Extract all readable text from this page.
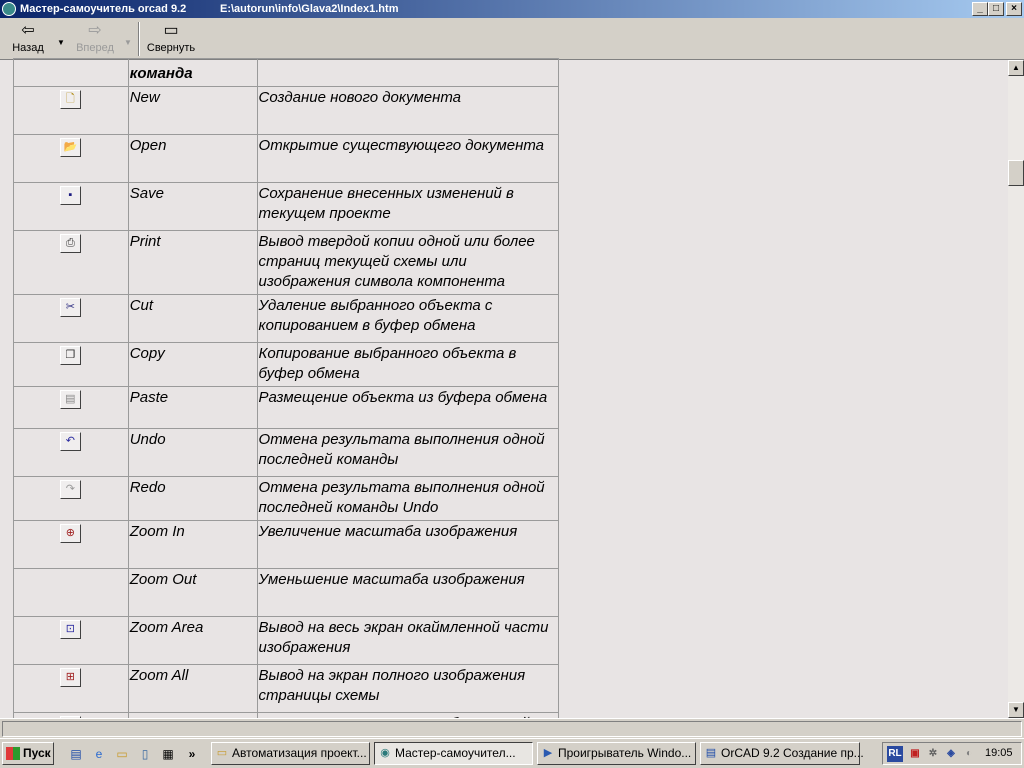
Мастер-самоучитель orcad 9.2	E:\autorun\info\Glava2\Index1.htm	_	□	×
⇦
Назад	▼
⇨
Вперед	▼
▭
Свернуть
	команда	
🗋	New	Создание нового документа
📂	Open	Открытие существующего документа
▪	Save	Сохранение внесенных изменений в текущем проекте
⎙	Print	Вывод твердой копии одной или более страниц текущей схемы или изображения символа компонента
✂	Cut	Удаление выбранного объекта с копированием в буфер обмена
❐	Copy	Копирование выбранного объекта в буфер обмена
▤	Paste	Размещение объекта из буфера обмена
↶	Undo	Отмена результата выполнения одной последней команды
↷	Redo	Отмена результата выполнения одной последней команды Undo
⊕	Zoom In	Увеличение масштаба изображения
	Zoom Out	Уменьшение масштаба изображения
⊡	Zoom Area	Вывод на весь экран окаймленной части изображения
⊞	Zoom All	Вывод на экран полного изображения страницы схемы

▲
▼
Пуск ▤	e	▭	▯	▦	»	▭ Автоматизация проект...	◉ Мастер-самоучител...	▶ Проигрыватель Windo...	▤ OrCAD 9.2 Создание пр... RL ▣ ✲ ◈	◐	19:05
